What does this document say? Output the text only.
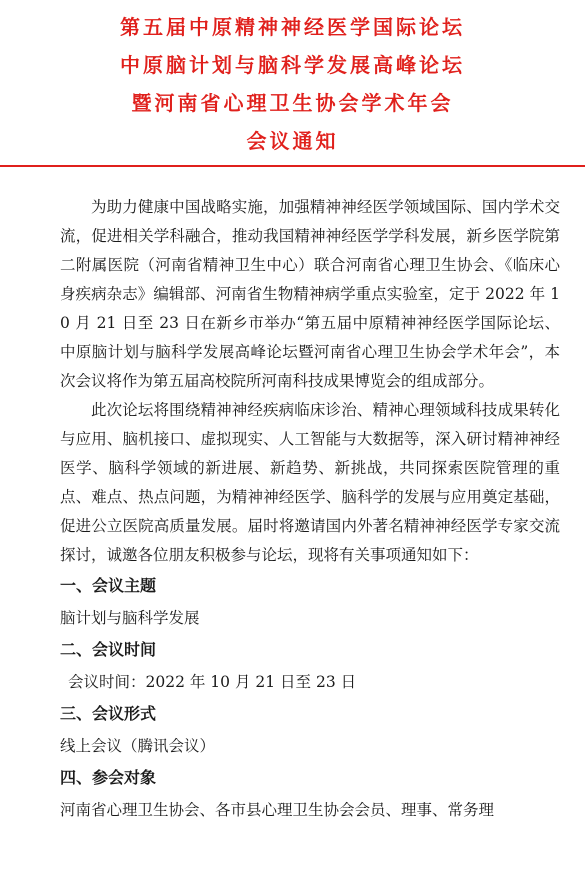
第五届中原精神神经医学国际论坛
中原脑计划与脑科学发展高峰论坛
暨河南省心理卫生协会学术年会
会议通知

为助力健康中国战略实施，加强精神神经医学领域国际、国内学术交流，促进相关学科融合，推动我国精神神经医学学科发展，新乡医学院第二附属医院（河南省精神卫生中心）联合河南省心理卫生协会、《临床心身疾病杂志》编辑部、河南省生物精神病学重点实验室，定于 2022 年 10 月 21 日至 23 日在新乡市举办“第五届中原精神神经医学国际论坛、中原脑计划与脑科学发展高峰论坛暨河南省心理卫生协会学术年会”，本次会议将作为第五届高校院所河南科技成果博览会的组成部分。

此次论坛将围绕精神神经疾病临床诊治、精神心理领域科技成果转化与应用、脑机接口、虚拟现实、人工智能与大数据等，深入研讨精神神经医学、脑科学领域的新进展、新趋势、新挑战，共同探索医院管理的重点、难点、热点问题，为精神神经医学、脑科学的发展与应用奠定基础，促进公立医院高质量发展。届时将邀请国内外著名精神神经医学专家交流探讨，诚邀各位朋友积极参与论坛，现将有关事项通知如下：

一、会议主题
脑计划与脑科学发展
二、会议时间
会议时间：2022 年 10 月 21 日至 23 日
三、会议形式
线上会议（腾讯会议）
四、参会对象
河南省心理卫生协会、各市县心理卫生协会会员、理事、常务理
